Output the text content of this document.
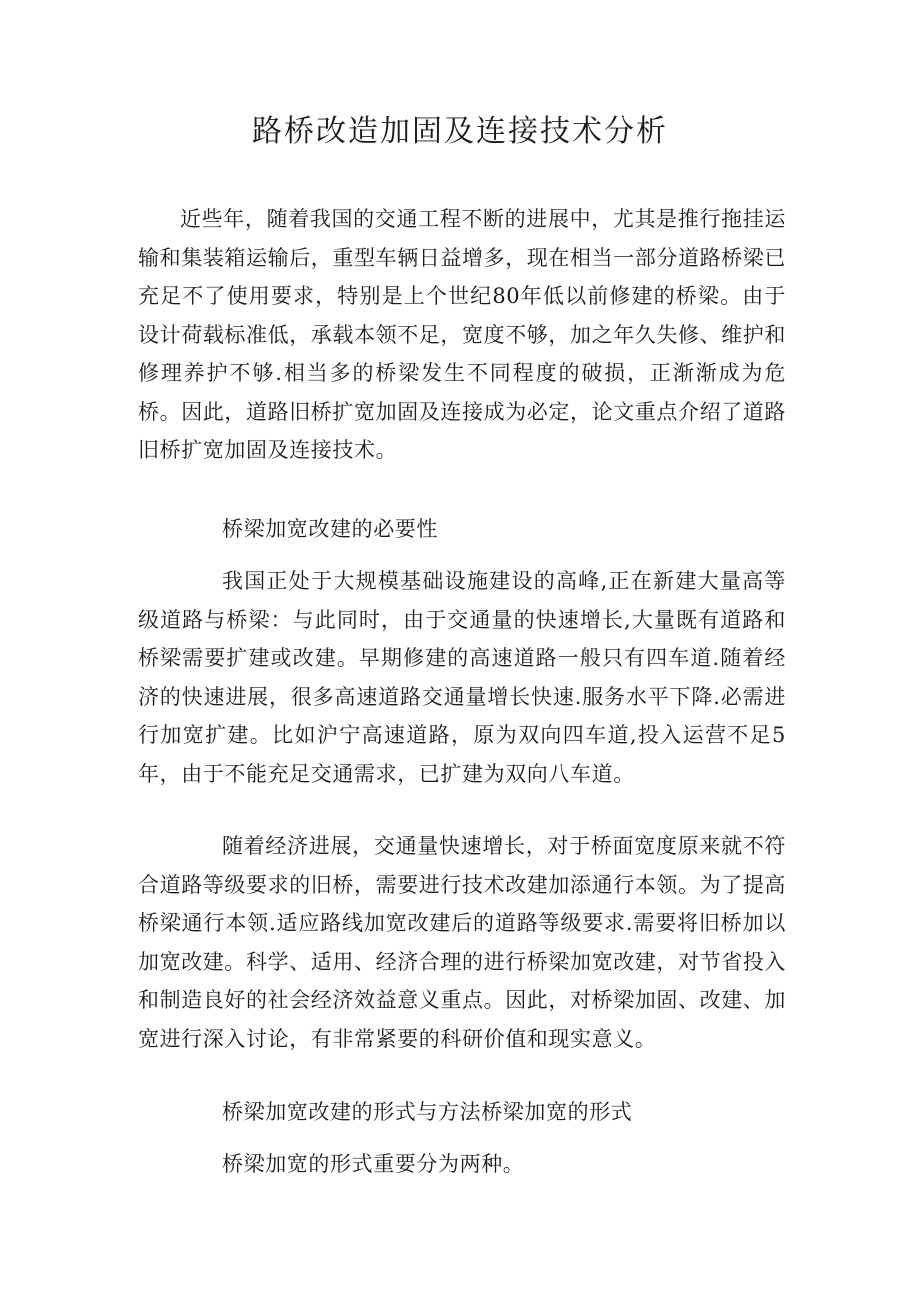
路桥改造加固及连接技术分析

近些年，随着我国的交通工程不断的进展中，尤其是推行拖挂运输和集装箱运输后，重型车辆日益增多，现在相当一部分道路桥梁已充足不了使用要求，特别是上个世纪80年低以前修建的桥梁。由于设计荷载标准低，承载本领不足，宽度不够，加之年久失修、维护和修理养护不够.相当多的桥梁发生不同程度的破损，正渐渐成为危桥。因此，道路旧桥扩宽加固及连接成为必定，论文重点介绍了道路旧桥扩宽加固及连接技术。

桥梁加宽改建的必要性

我国正处于大规模基础设施建设的高峰,正在新建大量高等级道路与桥梁：与此同时，由于交通量的快速增长,大量既有道路和桥梁需要扩建或改建。早期修建的高速道路一般只有四车道.随着经济的快速进展，很多高速道路交通量增长快速.服务水平下降.必需进行加宽扩建。比如沪宁高速道路，原为双向四车道,投入运营不足5年，由于不能充足交通需求，已扩建为双向八车道。

随着经济进展，交通量快速增长，对于桥面宽度原来就不符合道路等级要求的旧桥，需要进行技术改建加添通行本领。为了提高桥梁通行本领.适应路线加宽改建后的道路等级要求.需要将旧桥加以加宽改建。科学、适用、经济合理的进行桥梁加宽改建，对节省投入和制造良好的社会经济效益意义重点。因此，对桥梁加固、改建、加宽进行深入讨论，有非常紧要的科研价值和现实意义。

桥梁加宽改建的形式与方法桥梁加宽的形式

桥梁加宽的形式重要分为两种。
